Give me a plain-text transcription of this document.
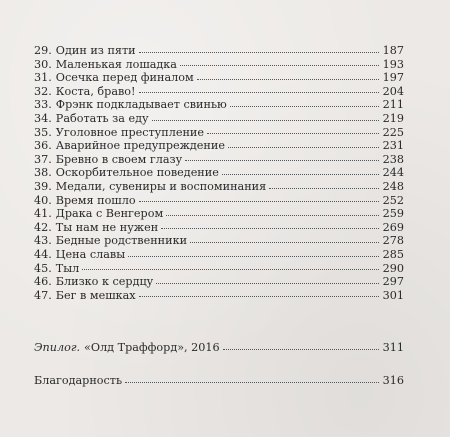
29. Один из пяти	187
30. Маленькая лошадка	193
31. Осечка перед финалом	197
32. Коста, браво!	204
33. Фрэнк подкладывает свинью	211
34. Работать за еду	219
35. Уголовное преступление	225
36. Аварийное предупреждение	231
37. Бревно в своем глазу	238
38. Оскорбительное поведение	244
39. Медали, сувениры и воспоминания	248
40. Время пошло	252
41. Драка с Венгером	259
42. Ты нам не нужен	269
43. Бедные родственники	278
44. Цена славы	285
45. Тыл	290
46. Близко к сердцу	297
47. Бег в мешках	301
Эпилог. «Олд Траффорд», 2016	311
Благодарность	316
